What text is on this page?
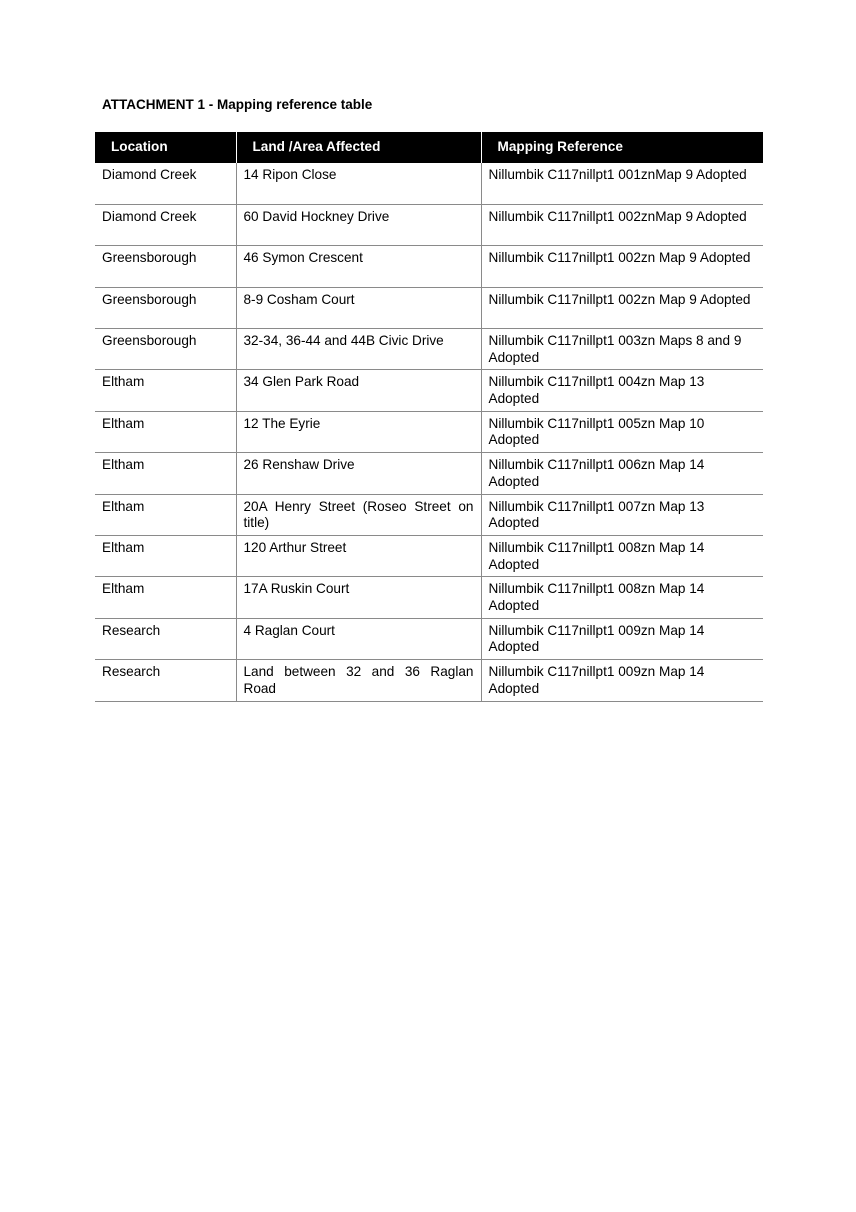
ATTACHMENT 1 - Mapping reference table
Location	Land /Area Affected	Mapping Reference
Diamond Creek	14 Ripon Close	Nillumbik C117nillpt1 001znMap 9 Adopted
Diamond Creek	60 David Hockney Drive	Nillumbik C117nillpt1 002znMap 9 Adopted
Greensborough	46 Symon Crescent	Nillumbik C117nillpt1 002zn Map 9 Adopted
Greensborough	8-9 Cosham Court	Nillumbik C117nillpt1 002zn Map 9 Adopted
Greensborough	32-34, 36-44 and 44B Civic Drive	Nillumbik C117nillpt1 003zn Maps 8 and 9 Adopted
Eltham	34 Glen Park Road	Nillumbik C117nillpt1 004zn Map 13 Adopted
Eltham	12 The Eyrie	Nillumbik C117nillpt1 005zn Map 10 Adopted
Eltham	26 Renshaw Drive	Nillumbik C117nillpt1 006zn Map 14 Adopted
Eltham	20A Henry Street (Roseo Street on title)	Nillumbik C117nillpt1 007zn Map 13 Adopted
Eltham	120 Arthur Street	Nillumbik C117nillpt1 008zn Map 14 Adopted
Eltham	17A Ruskin Court	Nillumbik C117nillpt1 008zn Map 14 Adopted
Research	4 Raglan Court	Nillumbik C117nillpt1 009zn Map 14 Adopted
Research	Land between 32 and 36 Raglan Road	Nillumbik C117nillpt1 009zn Map 14 Adopted
